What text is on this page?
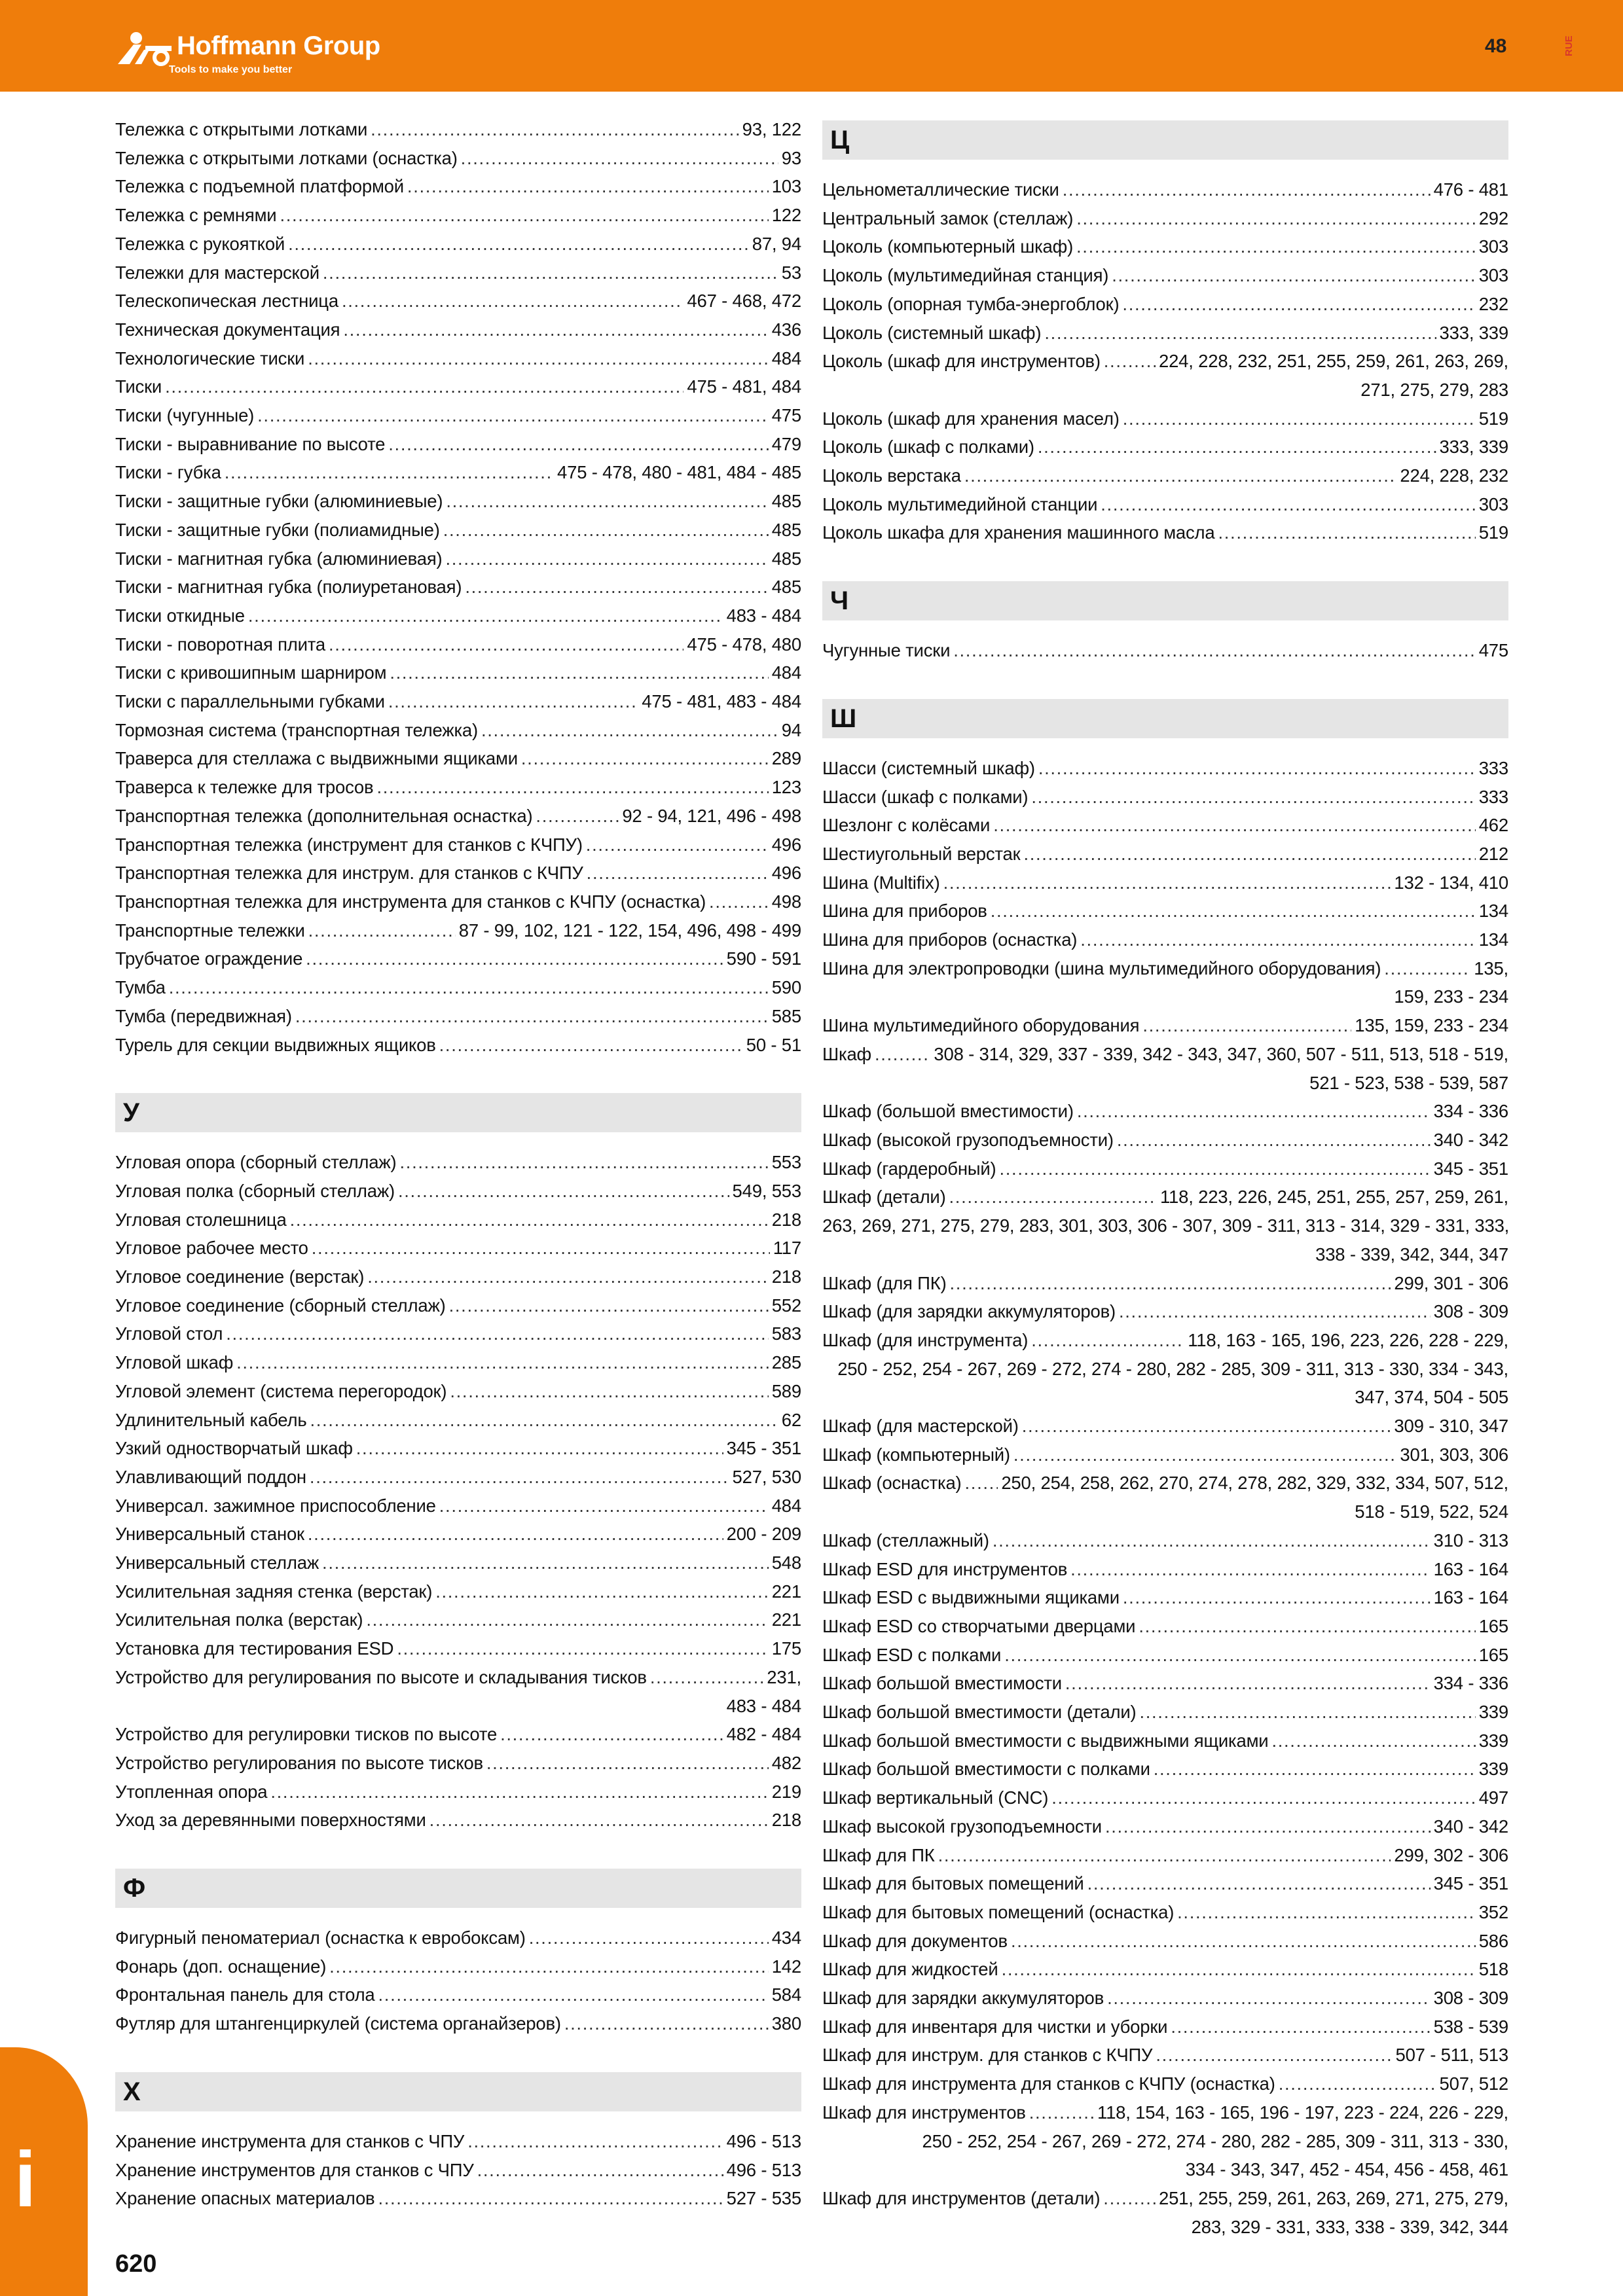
Hoffmann Group
Tools to make you better
48	RUE
Тележка с открытыми лотками . . .	93, 122
Тележка с открытыми лотками (оснастка) . . .	93
Тележка с подъемной платформой . . .	103
Тележка с ремнями . . .	122
Тележка с рукояткой . . .	87, 94
Тележки для мастерской . . .	53
Телескопическая лестница . . .	467 - 468, 472
Техническая документация . . .	436
Технологические тиски . . .	484
Тиски . . .	475 - 481, 484
Тиски (чугунные) . . .	475
Тиски - выравнивание по высоте . . .	479
Тиски - губка . . .	475 - 478, 480 - 481, 484 - 485
Тиски - защитные губки (алюминиевые) . . .	485
Тиски - защитные губки (полиамидные) . . .	485
Тиски - магнитная губка (алюминиевая) . . .	485
Тиски - магнитная губка (полиуретановая) . . .	485
Тиски откидные . . .	483 - 484
Тиски - поворотная плита . . .	475 - 478, 480
Тиски с кривошипным шарниром . . .	484
Тиски с параллельными губками . . .	475 - 481, 483 - 484
Тормозная система (транспортная тележка) . . .	94
Траверса для стеллажа с выдвижными ящиками . . .	289
Траверса к тележке для тросов . . .	123
Транспортная тележка (дополнительная оснастка) . . .	92 - 94, 121, 496 - 498
Транспортная тележка (инструмент для станков с КЧПУ) . . .	496
Транспортная тележка для инструм. для станков с КЧПУ . . .	496
Транспортная тележка для инструмента для станков с КЧПУ (оснастка) . . .	498
Транспортные тележки . . .	87 - 99, 102, 121 - 122, 154, 496, 498 - 499
Трубчатое ограждение . . .	590 - 591
Тумба . . .	590
Тумба (передвижная) . . .	585
Турель для секции выдвижных ящиков . . .	50 - 51
У
Угловая опора (сборный стеллаж) . . .	553
Угловая полка (сборный стеллаж) . . .	549, 553
Угловая столешница . . .	218
Угловое рабочее место . . .	117
Угловое соединение (верстак) . . .	218
Угловое соединение (сборный стеллаж) . . .	552
Угловой стол . . .	583
Угловой шкаф . . .	285
Угловой элемент (система перегородок) . . .	589
Удлинительный кабель . . .	62
Узкий одностворчатый шкаф . . .	345 - 351
Улавливающий поддон . . .	527, 530
Универсал. зажимное приспособление . . .	484
Универсальный станок . . .	200 - 209
Универсальный стеллаж . . .	548
Усилительная задняя стенка (верстак) . . .	221
Усилительная полка (верстак) . . .	221
Установка для тестирования ESD . . .	175
Устройство для регулирования по высоте и складывания тисков . . .	231,
483 - 484
Устройство для регулировки тисков по высоте . . .	482 - 484
Устройство регулирования по высоте тисков . . .	482
Утопленная опора . . .	219
Уход за деревянными поверхностями . . .	218
Ф
Фигурный пеноматериал (оснастка к евробоксам) . . .	434
Фонарь (доп. оснащение) . . .	142
Фронтальная панель для стола . . .	584
Футляр для штангенциркулей (система органайзеров) . . .	380
Х
Хранение инструмента для станков с ЧПУ . . .	496 - 513
Хранение инструментов для станков с ЧПУ . . .	496 - 513
Хранение опасных материалов . . .	527 - 535
Ц
Цельнометаллические тиски . . .	476 - 481
Центральный замок (стеллаж) . . .	292
Цоколь (компьютерный шкаф) . . .	303
Цоколь (мультимедийная станция) . . .	303
Цоколь (опорная тумба-энергоблок) . . .	232
Цоколь (системный шкаф) . . .	333, 339
Цоколь (шкаф для инструментов) . . .	224, 228, 232, 251, 255, 259, 261, 263, 269,
271, 275, 279, 283
Цоколь (шкаф для хранения масел) . . .	519
Цоколь (шкаф с полками) . . .	333, 339
Цоколь верстака . . .	224, 228, 232
Цоколь мультимедийной станции . . .	303
Цоколь шкафа для хранения машинного масла . . .	519
Ч
Чугунные тиски . . .	475
Ш
Шасси (системный шкаф) . . .	333
Шасси (шкаф с полками) . . .	333
Шезлонг с колёсами . . .	462
Шестиугольный верстак . . .	212
Шина (Multifix) . . .	132 - 134, 410
Шина для приборов . . .	134
Шина для приборов (оснастка) . . .	134
Шина для электропроводки (шина мультимедийного оборудования) . . .	135,
159, 233 - 234
Шина мультимедийного оборудования . . .	135, 159, 233 - 234
Шкаф . . .	308 - 314, 329, 337 - 339, 342 - 343, 347, 360, 507 - 511, 513, 518 - 519,
521 - 523, 538 - 539, 587
Шкаф (большой вместимости) . . .	334 - 336
Шкаф (высокой грузоподъемности) . . .	340 - 342
Шкаф (гардеробный) . . .	345 - 351
Шкаф (детали) . . .	118, 223, 226, 245, 251, 255, 257, 259, 261,
263, 269, 271, 275, 279, 283, 301, 303, 306 - 307, 309 - 311, 313 - 314, 329 - 331, 333,
338 - 339, 342, 344, 347
Шкаф (для ПК) . . .	299, 301 - 306
Шкаф (для зарядки аккумуляторов) . . .	308 - 309
Шкаф (для инструмента) . . .	118, 163 - 165, 196, 223, 226, 228 - 229,
250 - 252, 254 - 267, 269 - 272, 274 - 280, 282 - 285, 309 - 311, 313 - 330, 334 - 343,
347, 374, 504 - 505
Шкаф (для мастерской) . . .	309 - 310, 347
Шкаф (компьютерный) . . .	301, 303, 306
Шкаф (оснастка) . . . 250, 254, 258, 262, 270, 274, 278, 282, 329, 332, 334, 507, 512,
518 - 519, 522, 524
Шкаф (стеллажный) . . .	310 - 313
Шкаф ESD для инструментов . . .	163 - 164
Шкаф ESD с выдвижными ящиками . . .	163 - 164
Шкаф ESD со створчатыми дверцами . . .	165
Шкаф ESD с полками . . .	165
Шкаф большой вместимости . . .	334 - 336
Шкаф большой вместимости (детали) . . .	339
Шкаф большой вместимости с выдвижными ящиками . . .	339
Шкаф большой вместимости с полками . . .	339
Шкаф вертикальный (CNC) . . .	497
Шкаф высокой грузоподъемности . . .	340 - 342
Шкаф для ПК . . .	299, 302 - 306
Шкаф для бытовых помещений . . .	345 - 351
Шкаф для бытовых помещений (оснастка) . . .	352
Шкаф для документов . . .	586
Шкаф для жидкостей . . .	518
Шкаф для зарядки аккумуляторов . . .	308 - 309
Шкаф для инвентаря для чистки и уборки . . .	538 - 539
Шкаф для инструм. для станков с КЧПУ . . .	507 - 511, 513
Шкаф для инструмента для станков с КЧПУ (оснастка) . . .	507, 512
Шкаф для инструментов . . .	118, 154, 163 - 165, 196 - 197, 223 - 224, 226 - 229,
250 - 252, 254 - 267, 269 - 272, 274 - 280, 282 - 285, 309 - 311, 313 - 330,
334 - 343, 347, 452 - 454, 456 - 458, 461
Шкаф для инструментов (детали) . . .	251, 255, 259, 261, 263, 269, 271, 275, 279,
283, 329 - 331, 333, 338 - 339, 342, 344
i
620
